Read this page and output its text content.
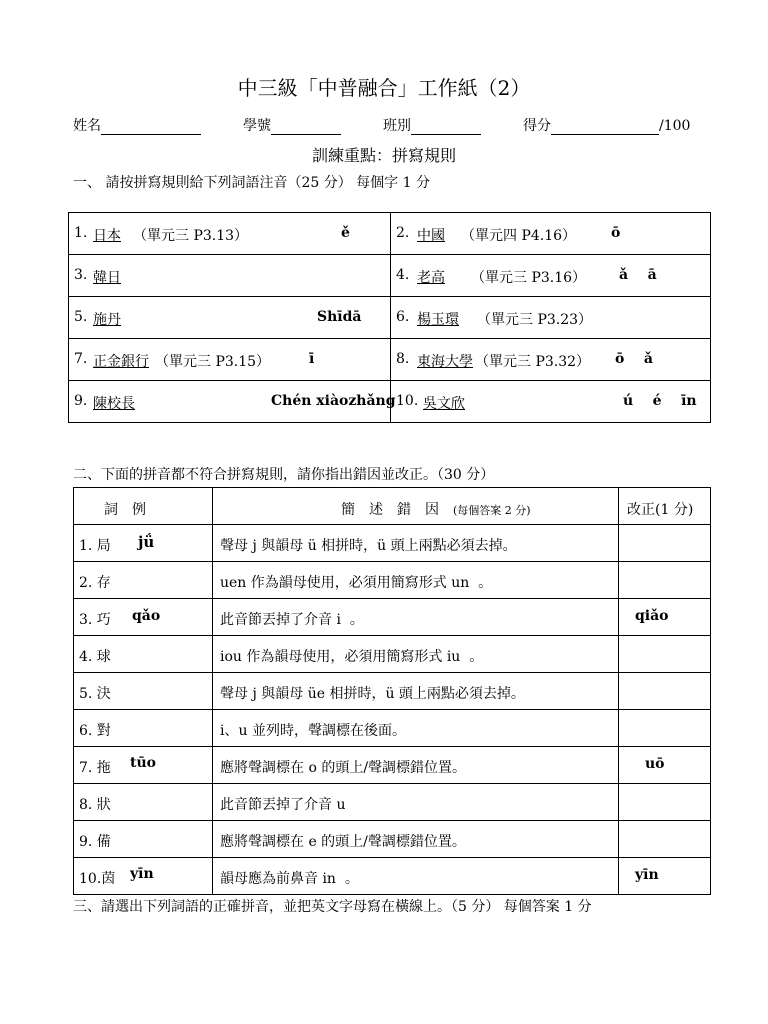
中三級「中普融合」工作紙（2）
姓名	學號	班別	得分	/100
訓練重點：拼寫規則
一、 請按拼寫規則給下列詞語注音（25 分） 每個字 1 分
1. 日本 （單元三 P3.13） ě	2. 中國 （單元四 P4.16） ō

3. 韓日	4. 老高 （單元三 P3.16） ǎ    ā

5. 施丹 Shīdā	6. 楊玉環 （單元三 P3.23）

7. 正金銀行 （單元三 P3.15） ī	8. 東海大學 （單元三 P3.32） ō    ǎ

9. 陳校長 Chén xiàozhǎng	10. 吳文欣 ú    é    īn
二、下面的拼音都不符合拼寫規則，請你指出錯因並改正。（30 分）
詞　例	簡　述　錯　因 (每個答案 2 分)	改正(1 分)

1. 局 jǘ	聲母 j 與韻母 ü 相拼時，ü 頭上兩點必須去掉。	

2. 存	uen 作為韻母使用，必須用簡寫形式 un  。	

3. 巧 qǎo	此音節丟掉了介音 i  。	qiǎo

4. 球	iou 作為韻母使用，必須用簡寫形式 iu  。	

5. 決	聲母 j 與韻母 üe 相拼時，ü 頭上兩點必須去掉。	

6. 對	i、u 並列時，聲調標在後面。	

7. 拖 tūo	應將聲調標在 o 的頭上/聲調標錯位置。	uō

8. 狀	此音節丟掉了介音 u	

9. 備	應將聲調標在 e 的頭上/聲調標錯位置。	

10.茵 yīn	韻母應為前鼻音 in  。	yīn
三、請選出下列詞語的正確拼音，並把英文字母寫在橫線上。（5 分） 每個答案 1 分
